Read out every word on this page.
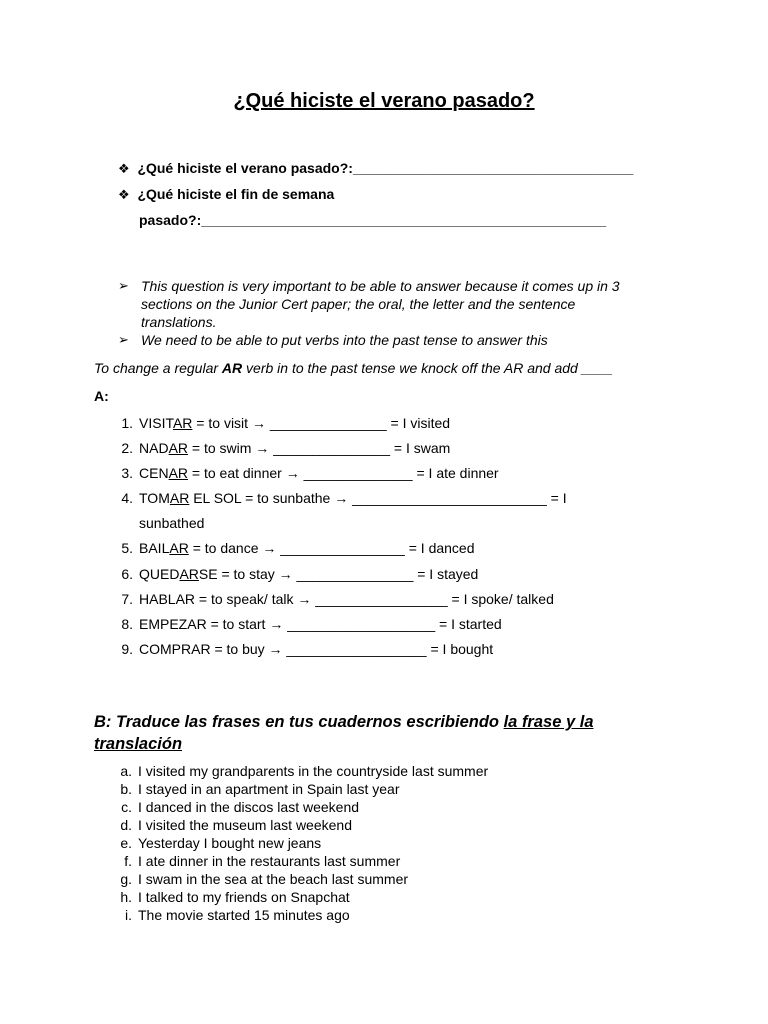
¿Qué hiciste el verano pasado?
❖ ¿Qué hiciste el verano pasado?:____________________________________
❖ ¿Qué hiciste el fin de semana
pasado?:____________________________________________________
➢ This question is very important to be able to answer because it comes up in 3
sections on the Junior Cert paper; the oral, the letter and the sentence
translations.
➢ We need to be able to put verbs into the past tense to answer this
To change a regular AR verb in to the past tense we knock off the AR and add ____
A:
1. VISITAR = to visit → _______________ = I visited
2. NADAR = to swim → _______________ = I swam
3. CENAR = to eat dinner → ______________ = I ate dinner
4. TOMAR EL SOL = to sunbathe → _________________________ = I
sunbathed
5. BAILAR = to dance → ________________ = I danced
6. QUEDARSE = to stay → _______________ = I stayed
7. HABLAR = to speak/ talk → _________________ = I spoke/ talked
8. EMPEZAR = to start → ___________________ = I started
9. COMPRAR = to buy → __________________ = I bought
B: Traduce las frases en tus cuadernos escribiendo la frase y la
translación
a. I visited my grandparents in the countryside last summer
b. I stayed in an apartment in Spain last year
c. I danced in the discos last weekend
d. I visited the museum last weekend
e. Yesterday I bought new jeans
f. I ate dinner in the restaurants last summer
g. I swam in the sea at the beach last summer
h. I talked to my friends on Snapchat
i. The movie started 15 minutes ago
